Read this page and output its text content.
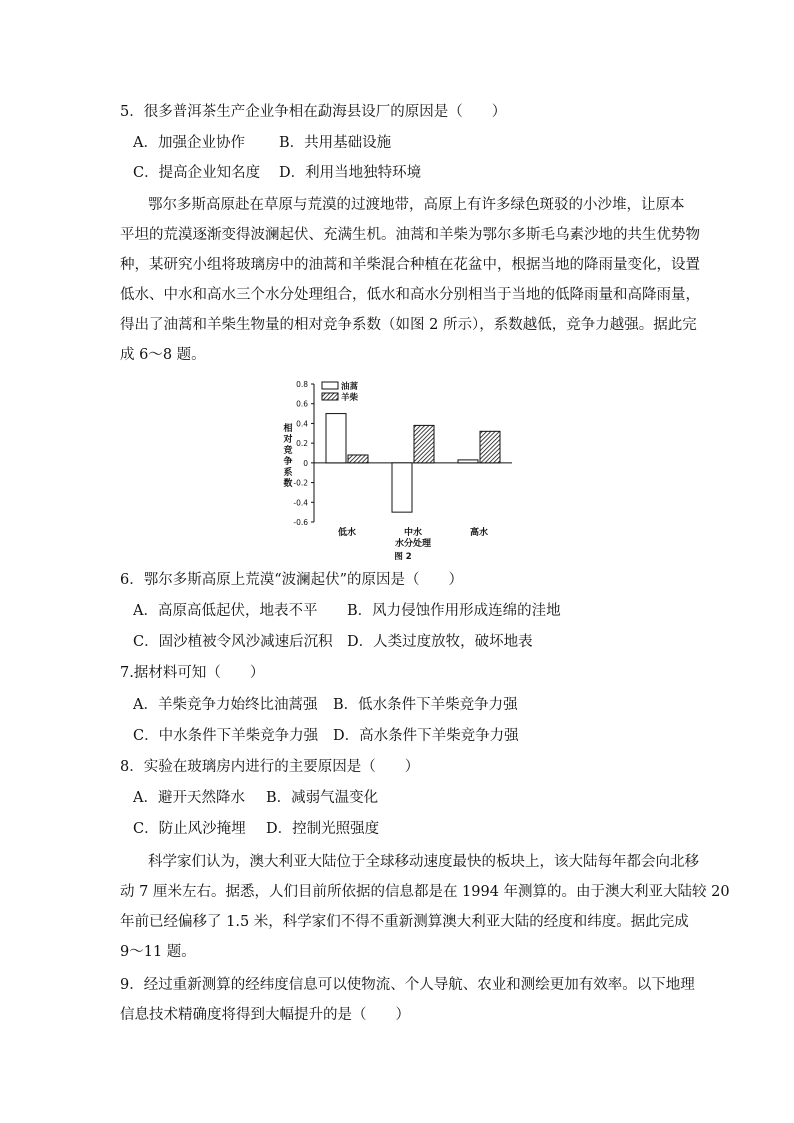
5．很多普洱茶生产企业争相在勐海县设厂的原因是（　　）
A．加强企业协作 B．共用基础设施
C．提高企业知名度 D．利用当地独特环境
鄂尔多斯高原赴在草原与荒漠的过渡地带，高原上有许多绿色斑驳的小沙堆，让原本
平坦的荒漠逐渐变得波澜起伏、充满生机。油蒿和羊柴为鄂尔多斯毛乌素沙地的共生优势物
种，某研究小组将玻璃房中的油蒿和羊柴混合种植在花盆中，根据当地的降雨量变化，设置
低水、中水和高水三个水分处理组合，低水和高水分别相当于当地的低降雨量和高降雨量，
得出了油蒿和羊柴生物量的相对竞争系数（如图 2 所示），系数越低，竞争力越强。据此完
成 6～8 题。
0.8
0.6
0.4
0.2
0
-0.2
-0.4
-0.6
相
对
竞
争
系
数
低水	中水	高水
水分处理
图 2
油蒿
羊柴
6．鄂尔多斯高原上荒漠“波澜起伏”的原因是（　　）
A．高原高低起伏，地表不平 B．风力侵蚀作用形成连绵的洼地
C．固沙植被令风沙减速后沉积 D．人类过度放牧，破坏地表
7.据材料可知（　　）
A．羊柴竞争力始终比油蒿强 B．低水条件下羊柴竞争力强
C．中水条件下羊柴竞争力强 D．高水条件下羊柴竞争力强
8．实验在玻璃房内进行的主要原因是（　　）
A．避开天然降水 B．减弱气温变化
C．防止风沙掩埋 D．控制光照强度
科学家们认为，澳大利亚大陆位于全球移动速度最快的板块上，该大陆每年都会向北移
动 7 厘米左右。据悉，人们目前所依据的信息都是在 1994 年测算的。由于澳大利亚大陆较 20
年前已经偏移了 1.5 米，科学家们不得不重新测算澳大利亚大陆的经度和纬度。据此完成
9～11 题。
9．经过重新测算的经纬度信息可以使物流、个人导航、农业和测绘更加有效率。以下地理
信息技术精确度将得到大幅提升的是（　　）
